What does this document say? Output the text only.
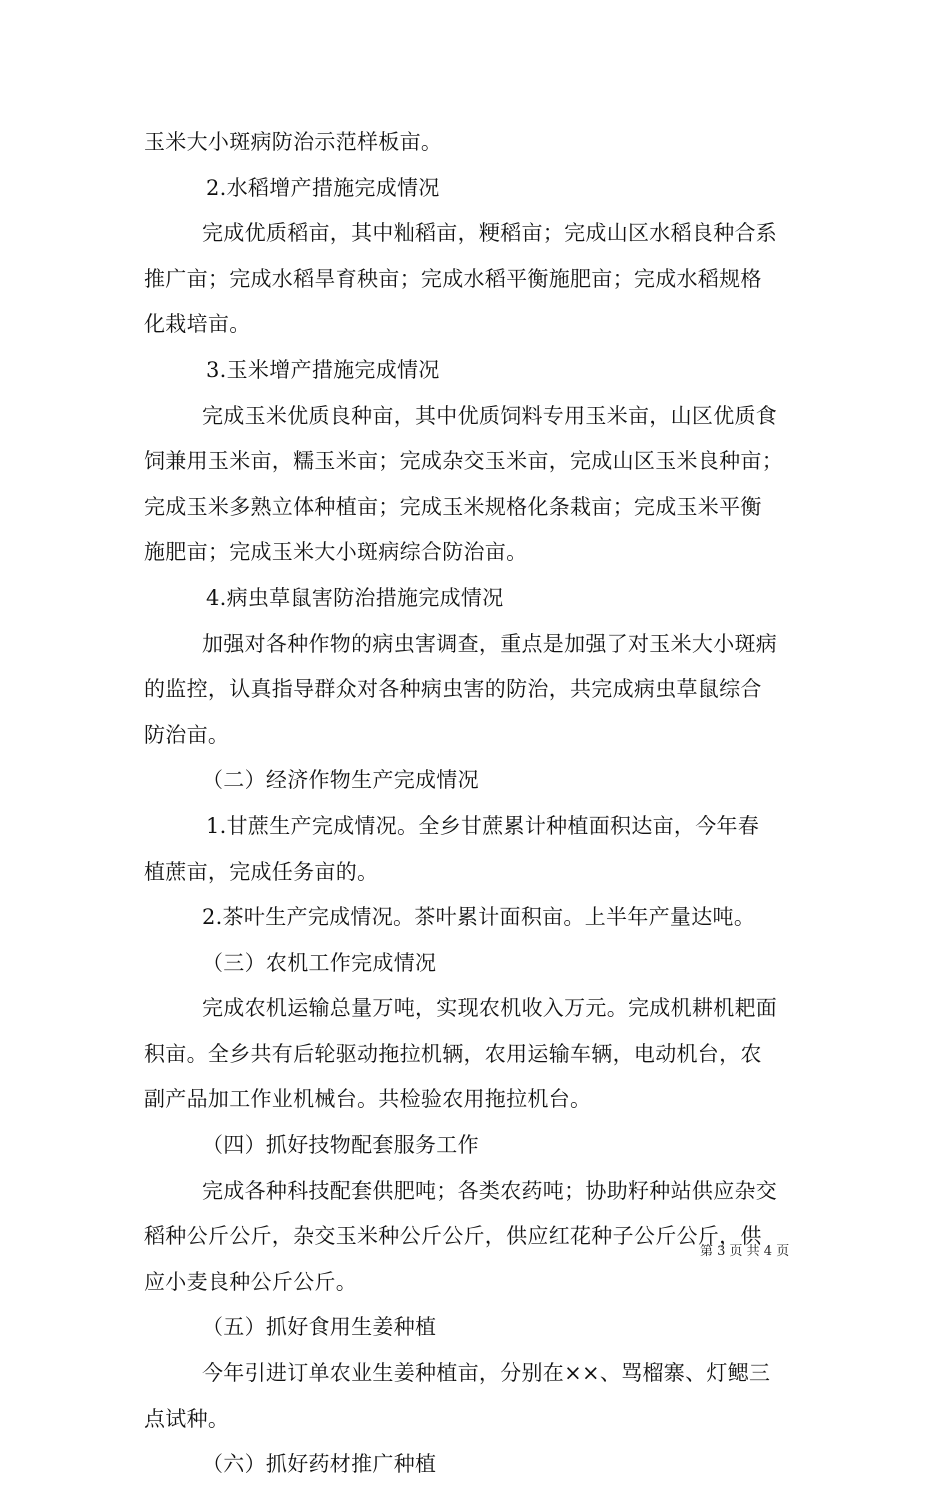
玉米大小斑病防治示范样板亩。
2.水稻增产措施完成情况
完成优质稻亩，其中籼稻亩，粳稻亩；完成山区水稻良种合系
推广亩；完成水稻旱育秧亩；完成水稻平衡施肥亩；完成水稻规格
化栽培亩。
3.玉米增产措施完成情况
完成玉米优质良种亩，其中优质饲料专用玉米亩，山区优质食
饲兼用玉米亩，糯玉米亩；完成杂交玉米亩，完成山区玉米良种亩；
完成玉米多熟立体种植亩；完成玉米规格化条栽亩；完成玉米平衡
施肥亩；完成玉米大小斑病综合防治亩。
4.病虫草鼠害防治措施完成情况
加强对各种作物的病虫害调查，重点是加强了对玉米大小斑病
的监控，认真指导群众对各种病虫害的防治，共完成病虫草鼠综合
防治亩。
（二）经济作物生产完成情况
1.甘蔗生产完成情况。全乡甘蔗累计种植面积达亩，今年春
植蔗亩，完成任务亩的。
2.茶叶生产完成情况。茶叶累计面积亩。上半年产量达吨。
（三）农机工作完成情况
完成农机运输总量万吨，实现农机收入万元。完成机耕机耙面
积亩。全乡共有后轮驱动拖拉机辆，农用运输车辆，电动机台，农
副产品加工作业机械台。共检验农用拖拉机台。
（四）抓好技物配套服务工作
完成各种科技配套供肥吨；各类农药吨；协助籽种站供应杂交
稻种公斤公斤，杂交玉米种公斤公斤，供应红花种子公斤公斤，供
应小麦良种公斤公斤。
（五）抓好食用生姜种植
今年引进订单农业生姜种植亩，分别在××、骂榴寨、灯鳃三
点试种。
（六）抓好药材推广种植
第 3 页 共 4 页
